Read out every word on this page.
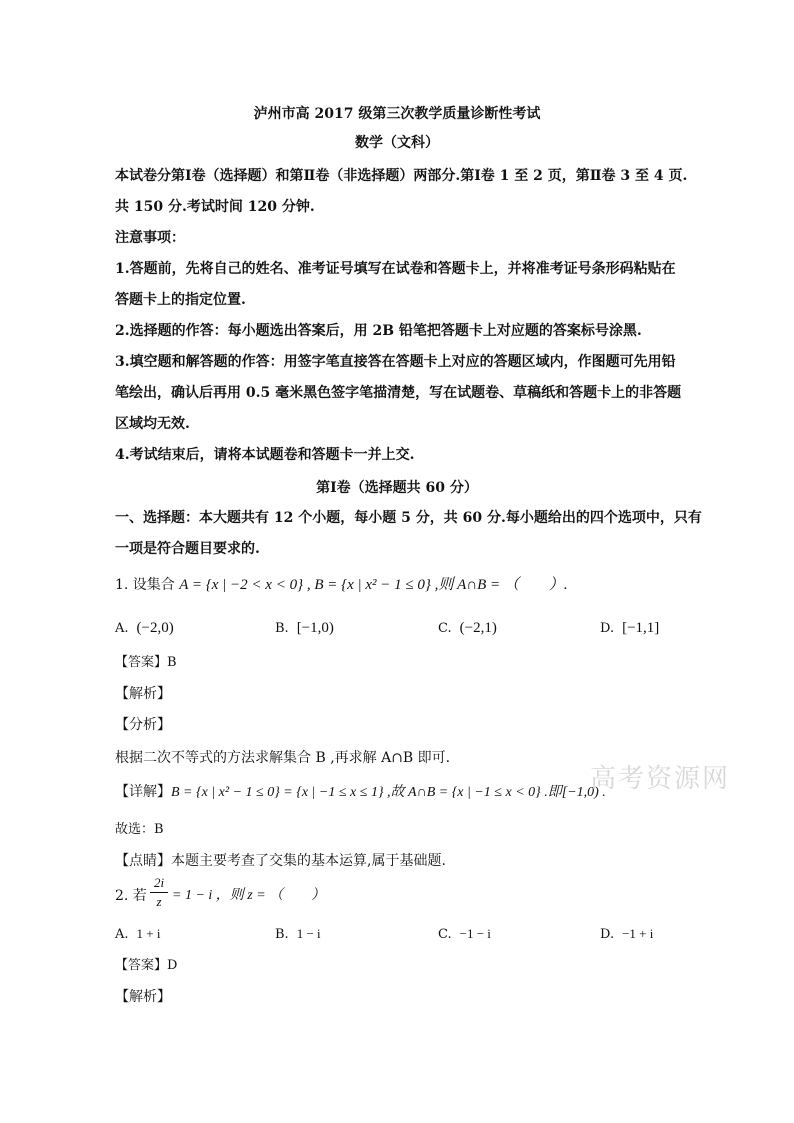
泸州市高 2017 级第三次教学质量诊断性考试
数学（文科）
本试卷分第Ⅰ卷（选择题）和第Ⅱ卷（非选择题）两部分.第Ⅰ卷 1 至 2 页，第Ⅱ卷 3 至 4 页.
共 150 分.考试时间 120 分钟.
注意事项：
1.答题前，先将自己的姓名、准考证号填写在试卷和答题卡上，并将准考证号条形码粘贴在
答题卡上的指定位置.
2.选择题的作答：每小题选出答案后，用 2B 铅笔把答题卡上对应题的答案标号涂黑.
3.填空题和解答题的作答：用签字笔直接答在答题卡上对应的答题区域内，作图题可先用铅
笔绘出，确认后再用 0.5 毫米黑色签字笔描清楚，写在试题卷、草稿纸和答题卡上的非答题
区域均无效.
4.考试结束后，请将本试题卷和答题卡一并上交.
第Ⅰ卷（选择题共 60 分）
一、选择题：本大题共有 12 个小题，每小题 5 分，共 60 分.每小题给出的四个选项中，只有
一项是符合题目要求的.
1. 设集合 A = {x | −2 < x < 0} , B = {x | x² − 1 ≤ 0} ,则 A∩B = （　　）.
A. (−2,0)	B. [−1,0)	C. (−2,1)	D. [−1,1]
【答案】B
【解析】
【分析】
根据二次不等式的方法求解集合 B ,再求解 A∩B 即可.
【详解】B = {x | x² − 1 ≤ 0} = {x | −1 ≤ x ≤ 1} ,故 A∩B = {x | −1 ≤ x < 0} .即[−1,0) .
故选：B
【点睛】本题主要考查了交集的基本运算,属于基础题.
2. 若
2i
z = 1 − i ，则 z = （　　）
A. 1 + i	B. 1 − i	C. −1 − i	D. −1 + i
【答案】D
【解析】
高考资源网
